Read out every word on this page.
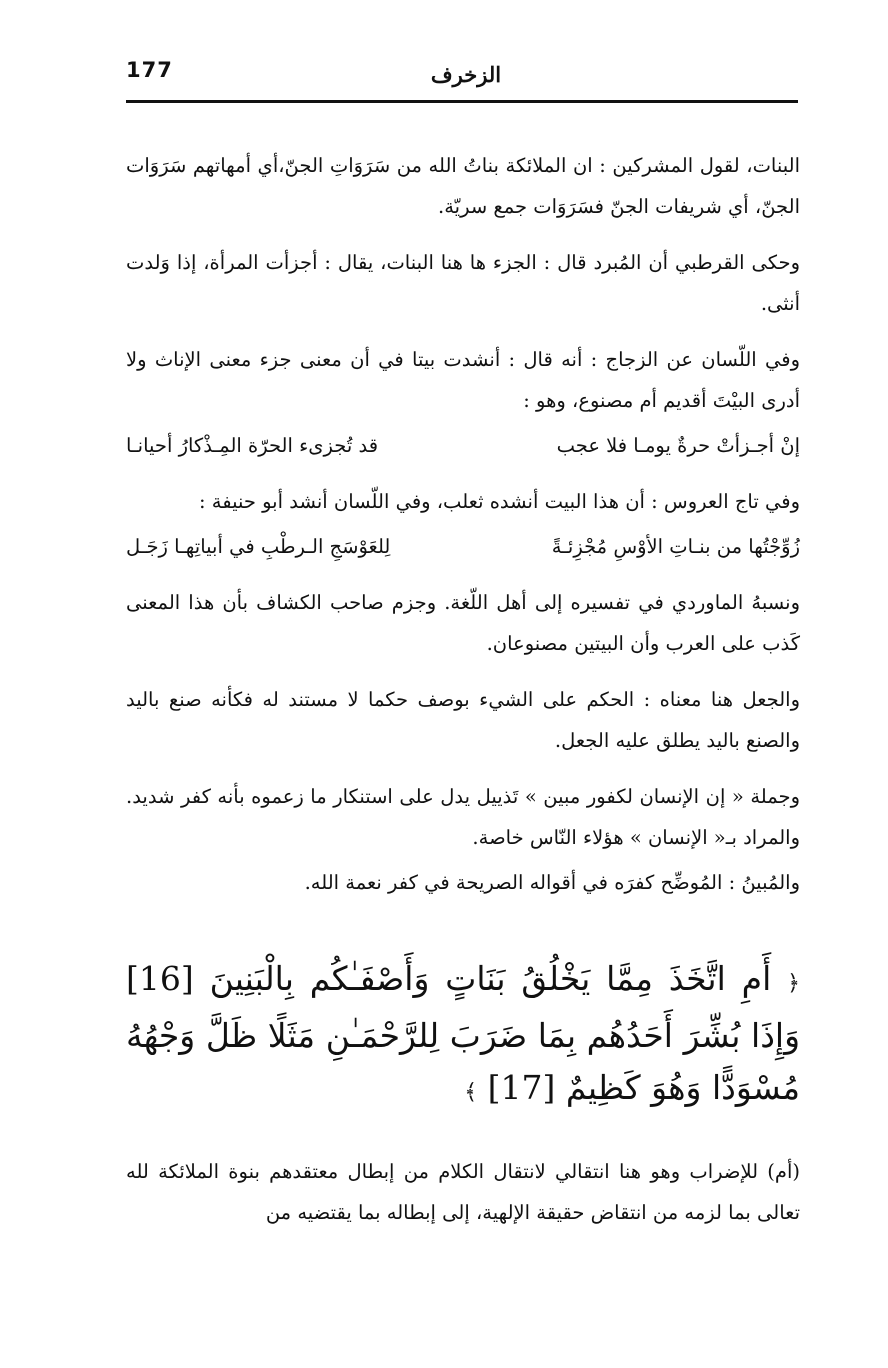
177	الزخرف

البنات، لقول المشركين : ان الملائكة بناتُ الله من سَرَوَاتِ الجنّ،أي أمهاتهم سَرَوَات الجنّ، أي شريفات الجنّ فسَرَوَات جمع سريّة.

وحكى القرطبي أن المُبرد قال : الجزء ها هنا البنات، يقال : أجزأت المرأة، إذا وَلدت أنثى.

وفي اللّسان عن الزجاج : أنه قال : أنشدت بيتا في أن معنى جزء معنى الإناث ولا أدرى البيْتَ أقديم أم مصنوع، وهو :

إنْ أجـزأتْ حرةٌ يومـا فلا عجب
قد تُجزىء الحرّة المِـذْكارُ أحيانـا

وفي تاج العروس : أن هذا البيت أنشده ثعلب، وفي اللّسان أنشد أبو حنيفة :

زُوِّجْتُها من بنـاتِ الأوْسِ مُجْزِئـةً
لِلعَوْسَجِ الـرطْبِ في أبياتِهـا زَجَـل

ونسبهُ الماوردي في تفسيره إلى أهل اللّغة. وجزم صاحب الكشاف بأن هذا المعنى كَذب على العرب وأن البيتين مصنوعان.

والجعل هنا معناه : الحكم على الشيء بوصف حكما لا مستند له فكأنه صنع باليد والصنع باليد يطلق عليه الجعل.

وجملة « إن الإنسان لكفور مبين » تَذييل يدل على استنكار ما زعموه بأنه كفر شديد. والمراد بـ« الإنسان » هؤلاء النّاس خاصة.

والمُبينُ : المُوضِّح كفرَه في أقواله الصريحة في كفر نعمة الله.

﴿ أَمِ اتَّخَذَ مِمَّا يَخْلُقُ بَنَاتٍ وَأَصْفَـٰكُم بِالْبَنِينَ [16] وَإِذَا بُشِّرَ أَحَدُهُم بِمَا ضَرَبَ لِلرَّحْمَـٰنِ مَثَلًا ظَلَّ وَجْهُهُ مُسْوَدًّا وَهُوَ كَظِيمٌ [17] ﴾

(أم) للإضراب وهو هنا انتقالي لانتقال الكلام من إبطال معتقدهم بنوة الملائكة لله تعالى بما لزمه من انتقاض حقيقة الإلهية، إلى إبطاله بما يقتضيه من
